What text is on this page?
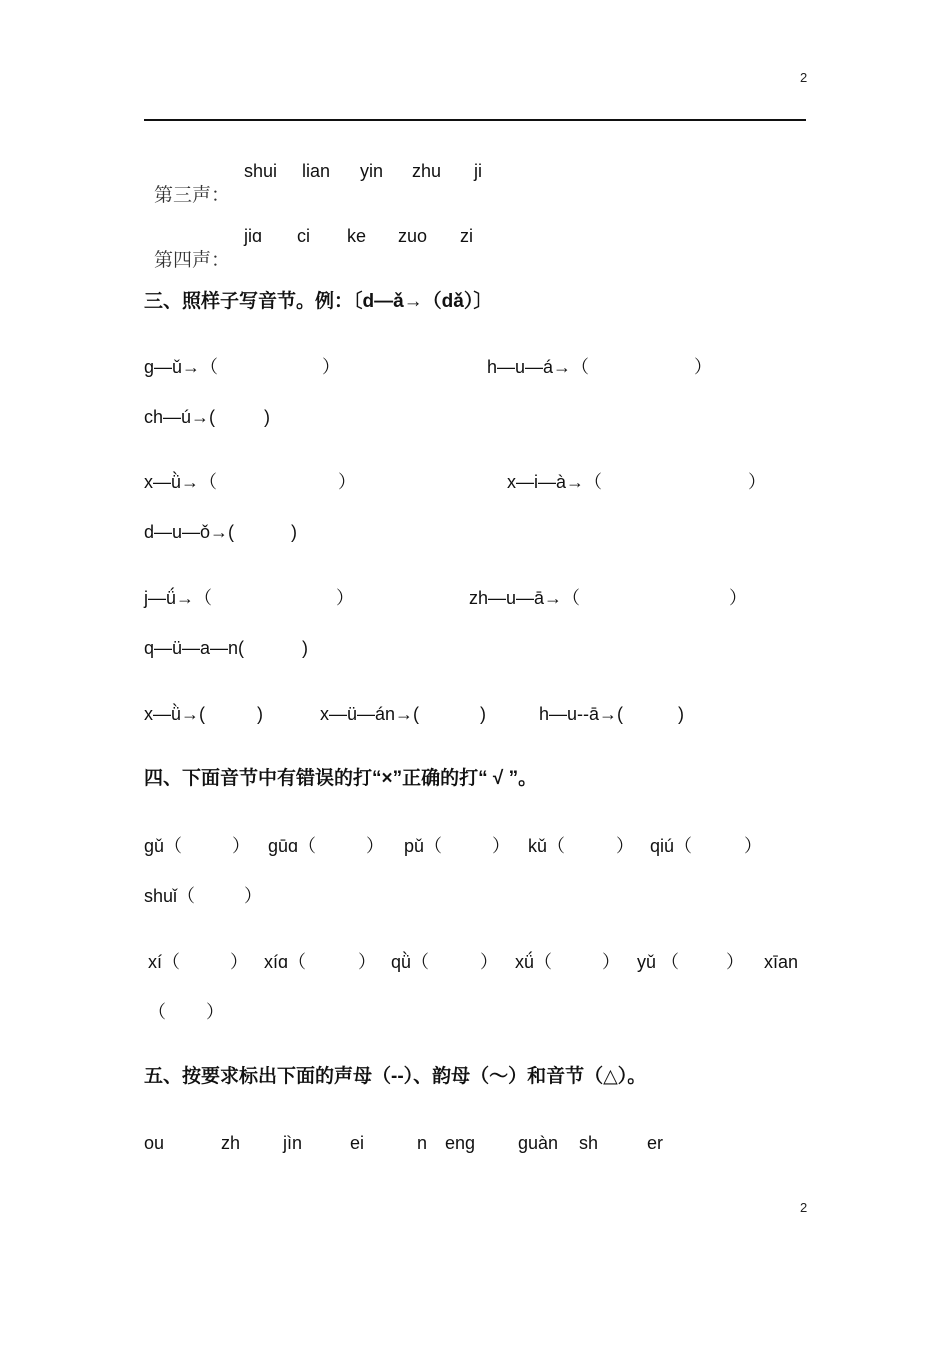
2

第三声：

shui

lian

yin

zhu

ji

第四声：

jiɑ

ci

ke

zuo

zi

三、照样子写音节。例：〔d—ǎ→（dǎ）〕

g—ǔ→（

	）

	h—u—á→（

	）

ch—ú→(

	)

x—ǜ→（

	）

	x—i—à→（

	）

d—u—ǒ→(

	)

j—ǘ→（

	）

	zh—u—ā→（

	）

q—ü—a—n(

	)

x—ǜ→(

	)

	x—ü—án→(

	)

	h—u--ā→(

	)

四、下面音节中有错误的打“×”正确的打“ √ ”。

gǔ（

	）

gūɑ（

	）

pǔ（

	）

kǔ（

	）

qiú（

	）

shuǐ（

	）

xí（

	）

xíɑ（

	）

qǜ（

	）

xǘ（

	）

yǔ （

	）

xīan

（

）

五、按要求标出下面的声母（--）、韵母（～）和音节（△）。

ou

	zh

jìn

	ei

	n

eng

guàn

sh

	er

2
